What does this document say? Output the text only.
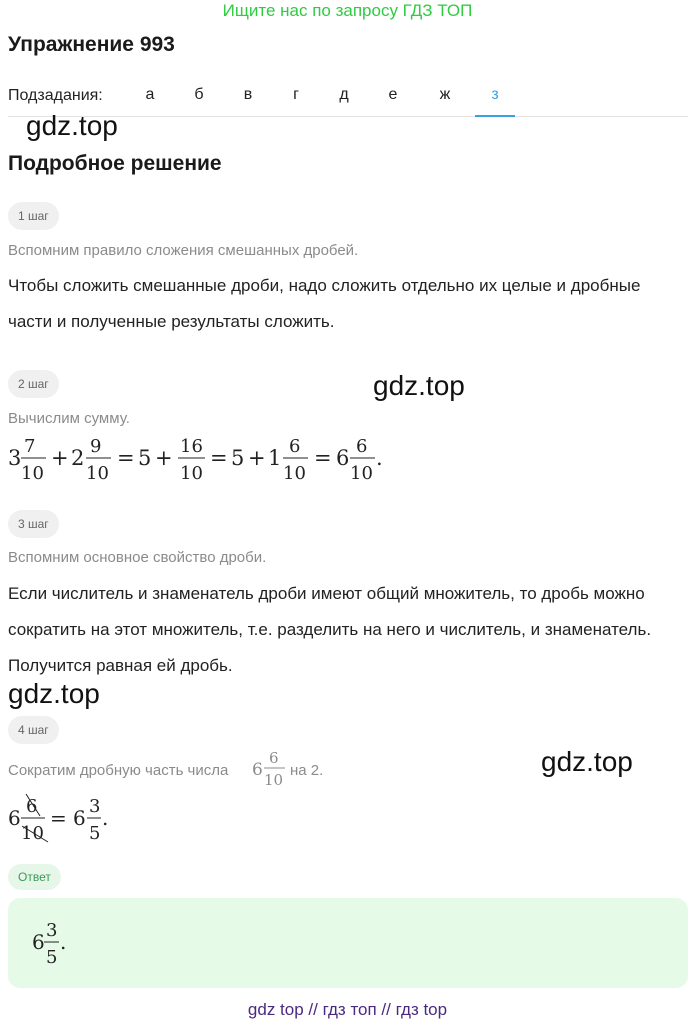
Ищите нас по запросу ГДЗ ТОП
Упражнение 993
Подзадания:	а	б	в	г	д	е	ж	з
gdz.top
Подробное решение
1 шаг
Вспомним правило сложения смешанных дробей.
Чтобы сложить смешанные дроби, надо сложить отдельно их целые и дробные части и полученные результаты сложить.
2 шаг	gdz.top
Вычислим сумму.
3 7
10
+ 2 9
10
= 5 + 16
10
= 5 + 1 6
10
= 6 6
10
.
3 шаг
Вспомним основное свойство дроби.
Если числитель и знаменатель дроби имеют общий множитель, то дробь можно сократить на этот множитель, т.е. разделить на него и числитель, и знаменатель. Получится равная ей дробь.
gdz.top
4 шаг
gdz.top
Сократим дробную часть числа 6
6
10
на 2.
6 6
10
= 6 3
5
.
Ответ
6 3
5
.
gdz top // гдз топ // гдз top
